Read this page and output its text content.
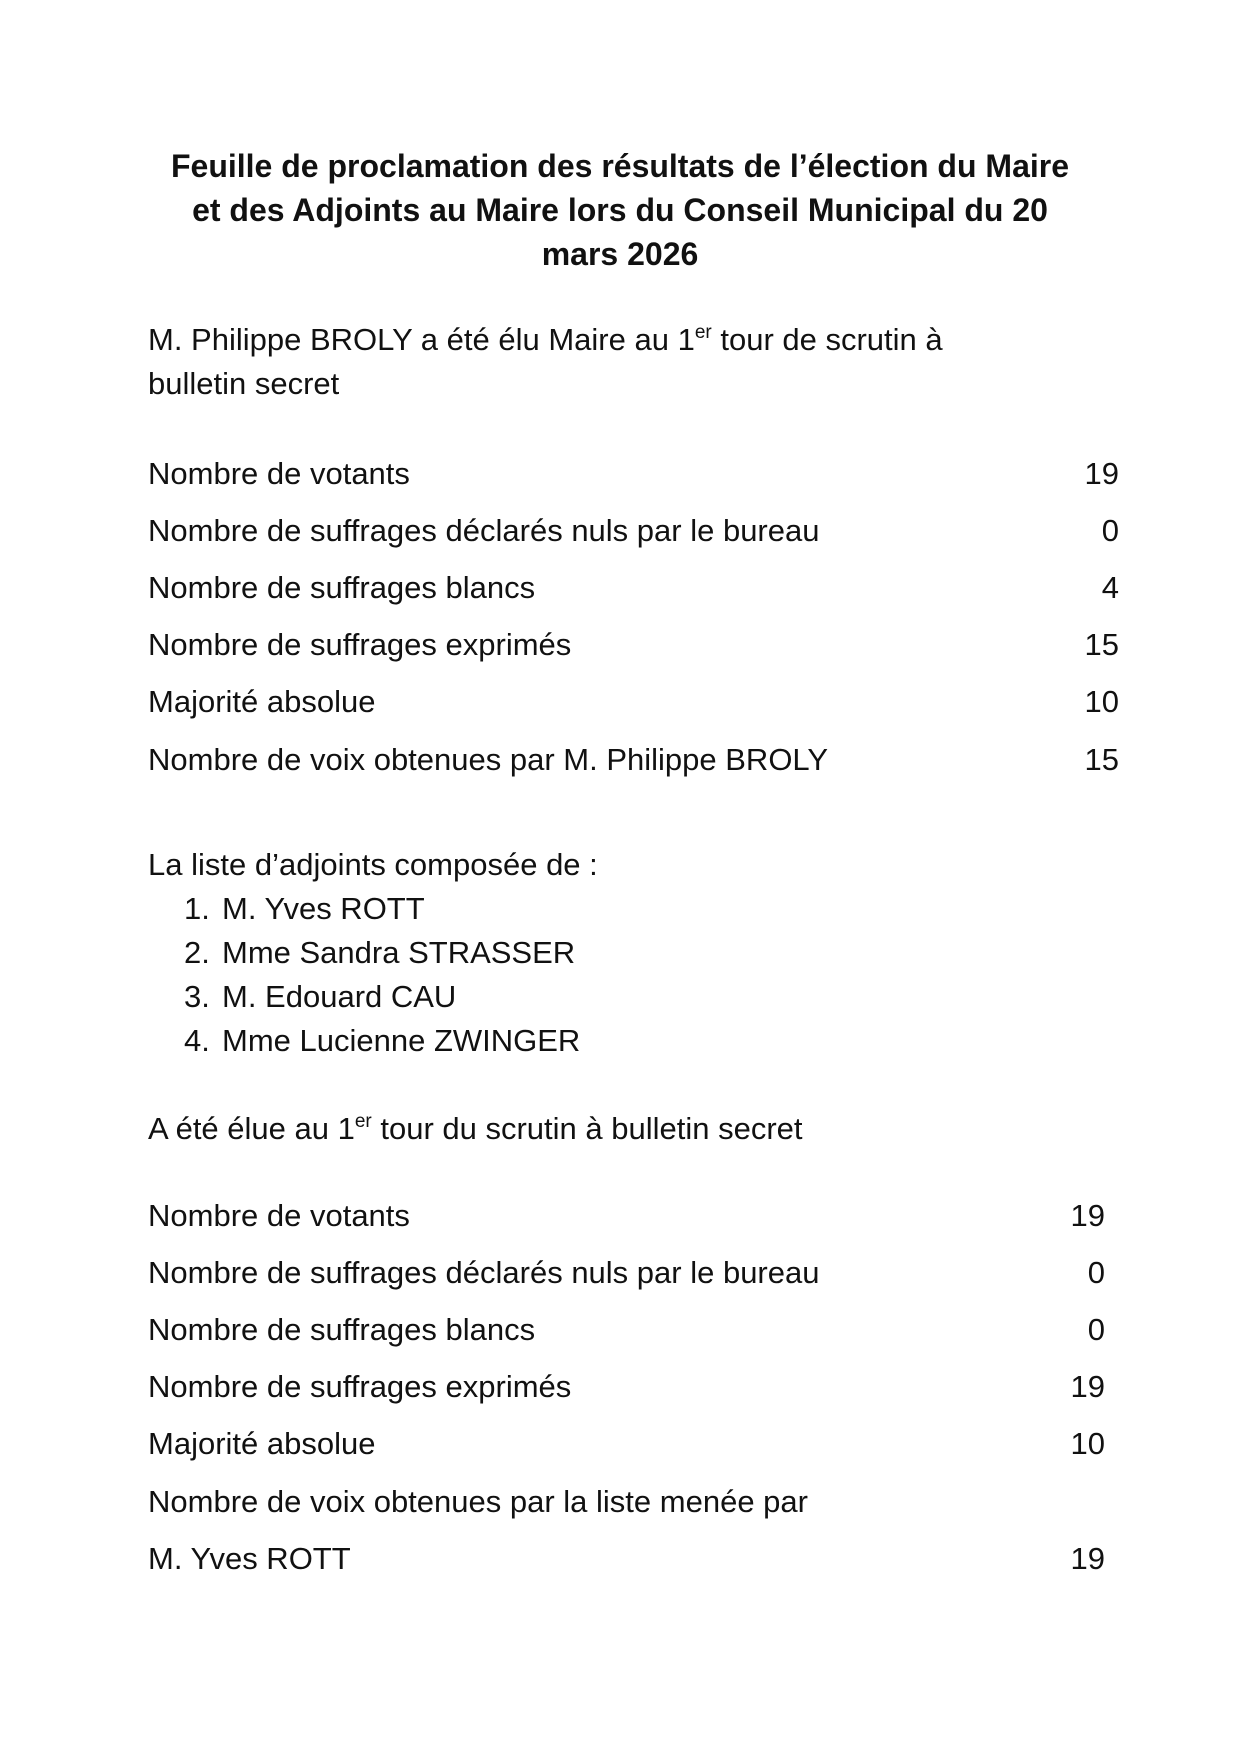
Feuille de proclamation des résultats de l’élection du Maire
et des Adjoints au Maire lors du Conseil Municipal du 20
mars 2026
M. Philippe BROLY a été élu Maire au 1er tour de scrutin à
bulletin secret
Nombre de votants	19
Nombre de suffrages déclarés nuls par le bureau	0
Nombre de suffrages blancs	4
Nombre de suffrages exprimés	15
Majorité absolue	10
Nombre de voix obtenues par M. Philippe BROLY	15
La liste d’adjoints composée de :
1. M. Yves ROTT
2. Mme Sandra STRASSER
3. M. Edouard CAU
4. Mme Lucienne ZWINGER
A été élue au 1er tour du scrutin à bulletin secret
Nombre de votants	19
Nombre de suffrages déclarés nuls par le bureau	0
Nombre de suffrages blancs	0
Nombre de suffrages exprimés	19
Majorité absolue	10
Nombre de voix obtenues par la liste menée par
M. Yves ROTT	19
